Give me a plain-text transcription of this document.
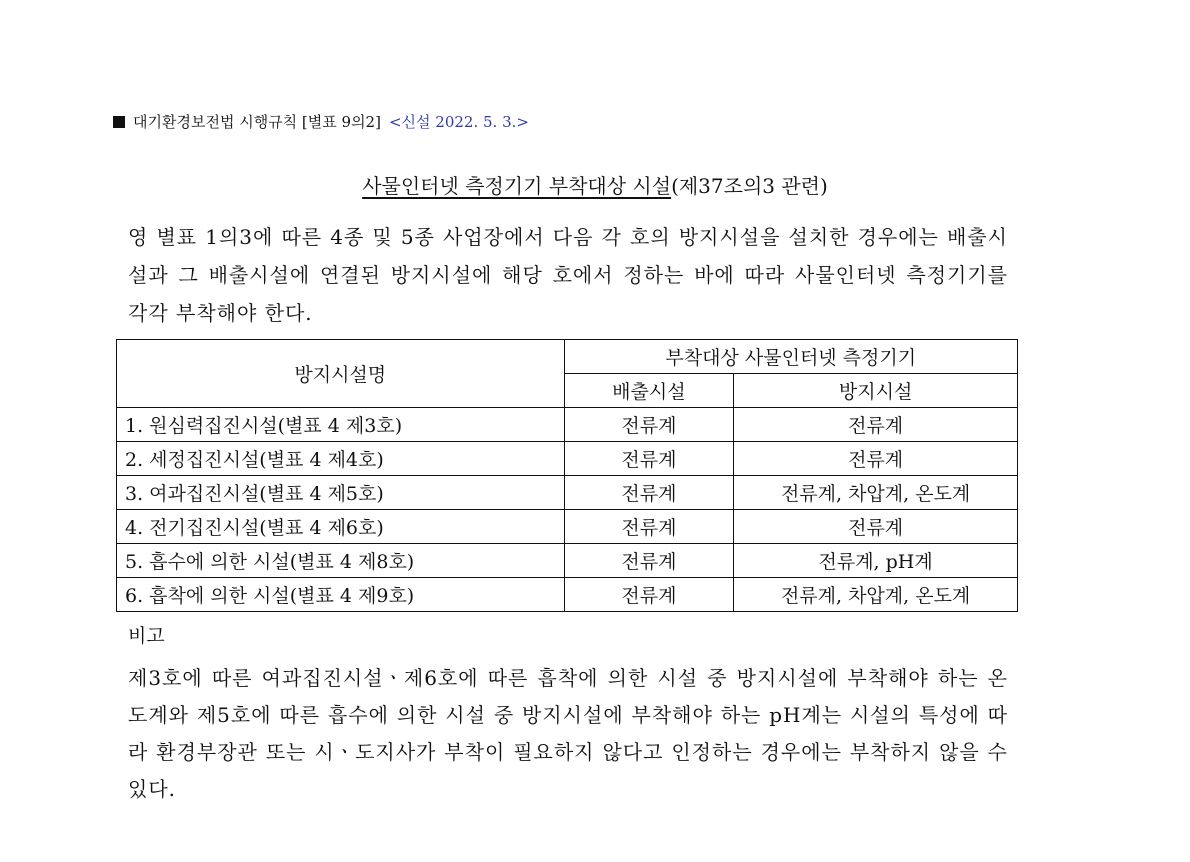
대기환경보전법 시행규칙 [별표 9의2] <신설 2022. 5. 3.>
사물인터넷 측정기기 부착대상 시설(제37조의3 관련)
영 별표 1의3에 따른 4종 및 5종 사업장에서 다음 각 호의 방지시설을 설치한 경우에는 배출시설과 그 배출시설에 연결된 방지시설에 해당 호에서 정하는 바에 따라 사물인터넷 측정기기를 각각 부착해야 한다.
방지시설명	부착대상 사물인터넷 측정기기	
	배출시설	방지시설
1. 원심력집진시설(별표 4 제3호)	전류계	전류계
2. 세정집진시설(별표 4 제4호)	전류계	전류계
3. 여과집진시설(별표 4 제5호)	전류계	전류계, 차압계, 온도계
4. 전기집진시설(별표 4 제6호)	전류계	전류계
5. 흡수에 의한 시설(별표 4 제8호)	전류계	전류계, pH계
6. 흡착에 의한 시설(별표 4 제9호)	전류계	전류계, 차압계, 온도계
비고
제3호에 따른 여과집진시설ㆍ제6호에 따른 흡착에 의한 시설 중 방지시설에 부착해야 하는 온도계와 제5호에 따른 흡수에 의한 시설 중 방지시설에 부착해야 하는 pH계는 시설의 특성에 따라 환경부장관 또는 시ㆍ도지사가 부착이 필요하지 않다고 인정하는 경우에는 부착하지 않을 수 있다.
